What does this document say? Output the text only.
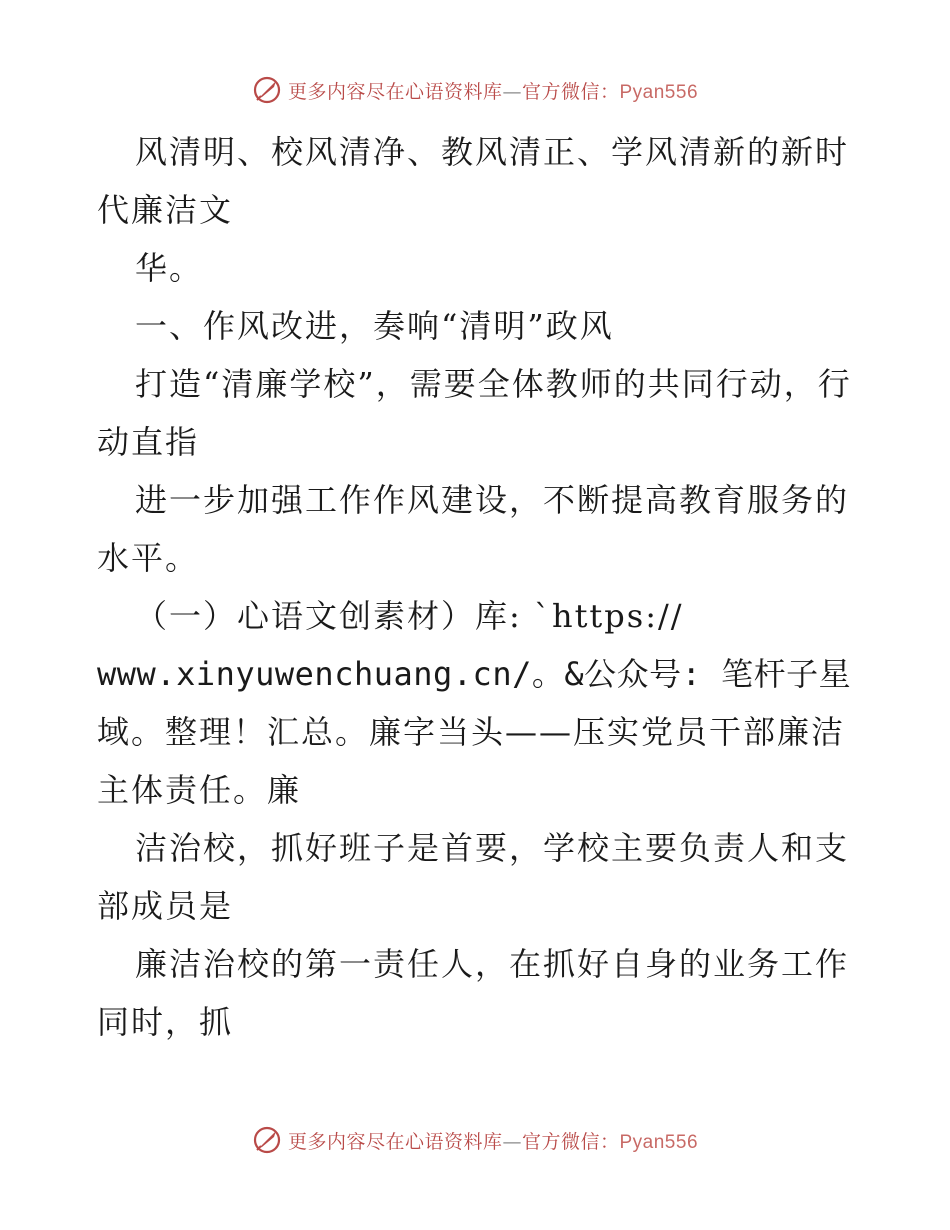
更多内容尽在心语资料库—官方微信：Pyan556

风清明、校风清净、教风清正、学风清新的新时代廉洁文

华。

一、作风改进，奏响“清明”政风

打造“清廉学校”，需要全体教师的共同行动，行动直指

进一步加强工作作风建设，不断提高教育服务的水平。

（一）心语文创素材）库: `https://

www.xinyuwenchuang.cn/。&公众号: 笔杆子星

域。整理！汇总。廉字当头——压实党员干部廉洁主体责任。廉

洁治校，抓好班子是首要，学校主要负责人和支部成员是

廉洁治校的第一责任人，在抓好自身的业务工作同时，抓

更多内容尽在心语资料库—官方微信：Pyan556
